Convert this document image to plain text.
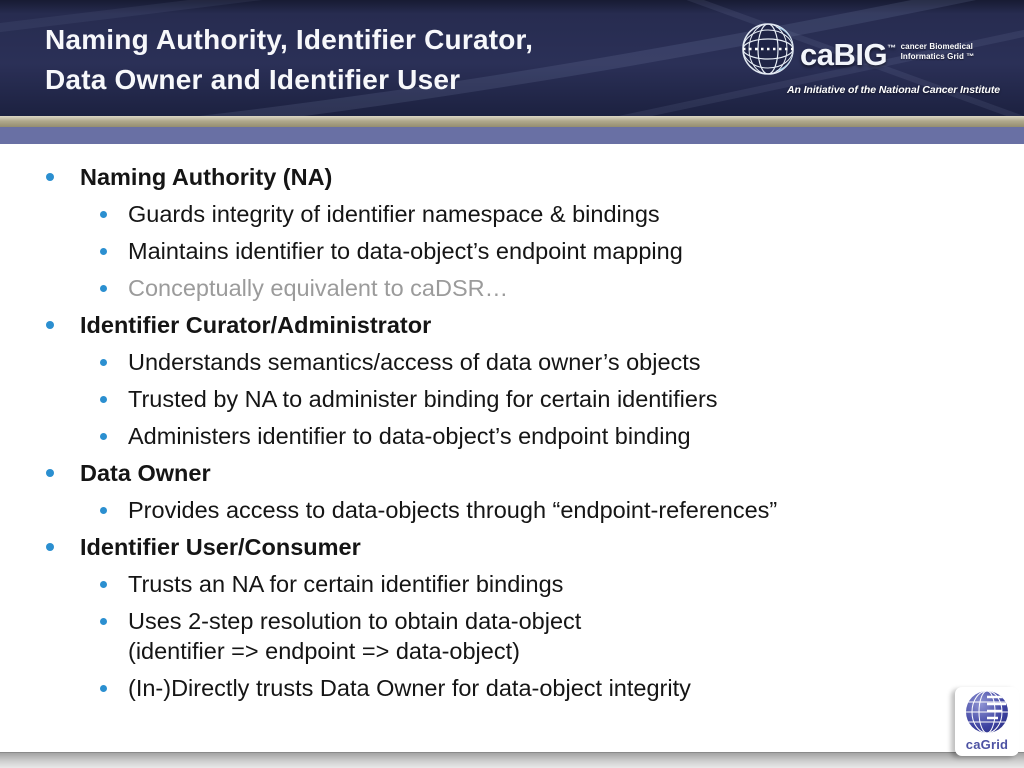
Naming Authority, Identifier Curator,
Data Owner and Identifier User
caBIG™ cancer Biomedical
Informatics Grid ™
An Initiative of the National Cancer Institute
Naming Authority (NA)
Guards integrity of identifier namespace & bindings
Maintains identifier to data-object’s endpoint mapping
Conceptually equivalent to caDSR…
Identifier Curator/Administrator
Understands semantics/access of data owner’s objects
Trusted by NA to administer binding for certain identifiers
Administers identifier to data-object’s endpoint binding
Data Owner
Provides access to data-objects through “endpoint-references”
Identifier User/Consumer
Trusts an NA for certain identifier bindings
Uses 2-step resolution to obtain data-object
(identifier => endpoint => data-object)
(In-)Directly trusts Data Owner for data-object integrity
caGrid
